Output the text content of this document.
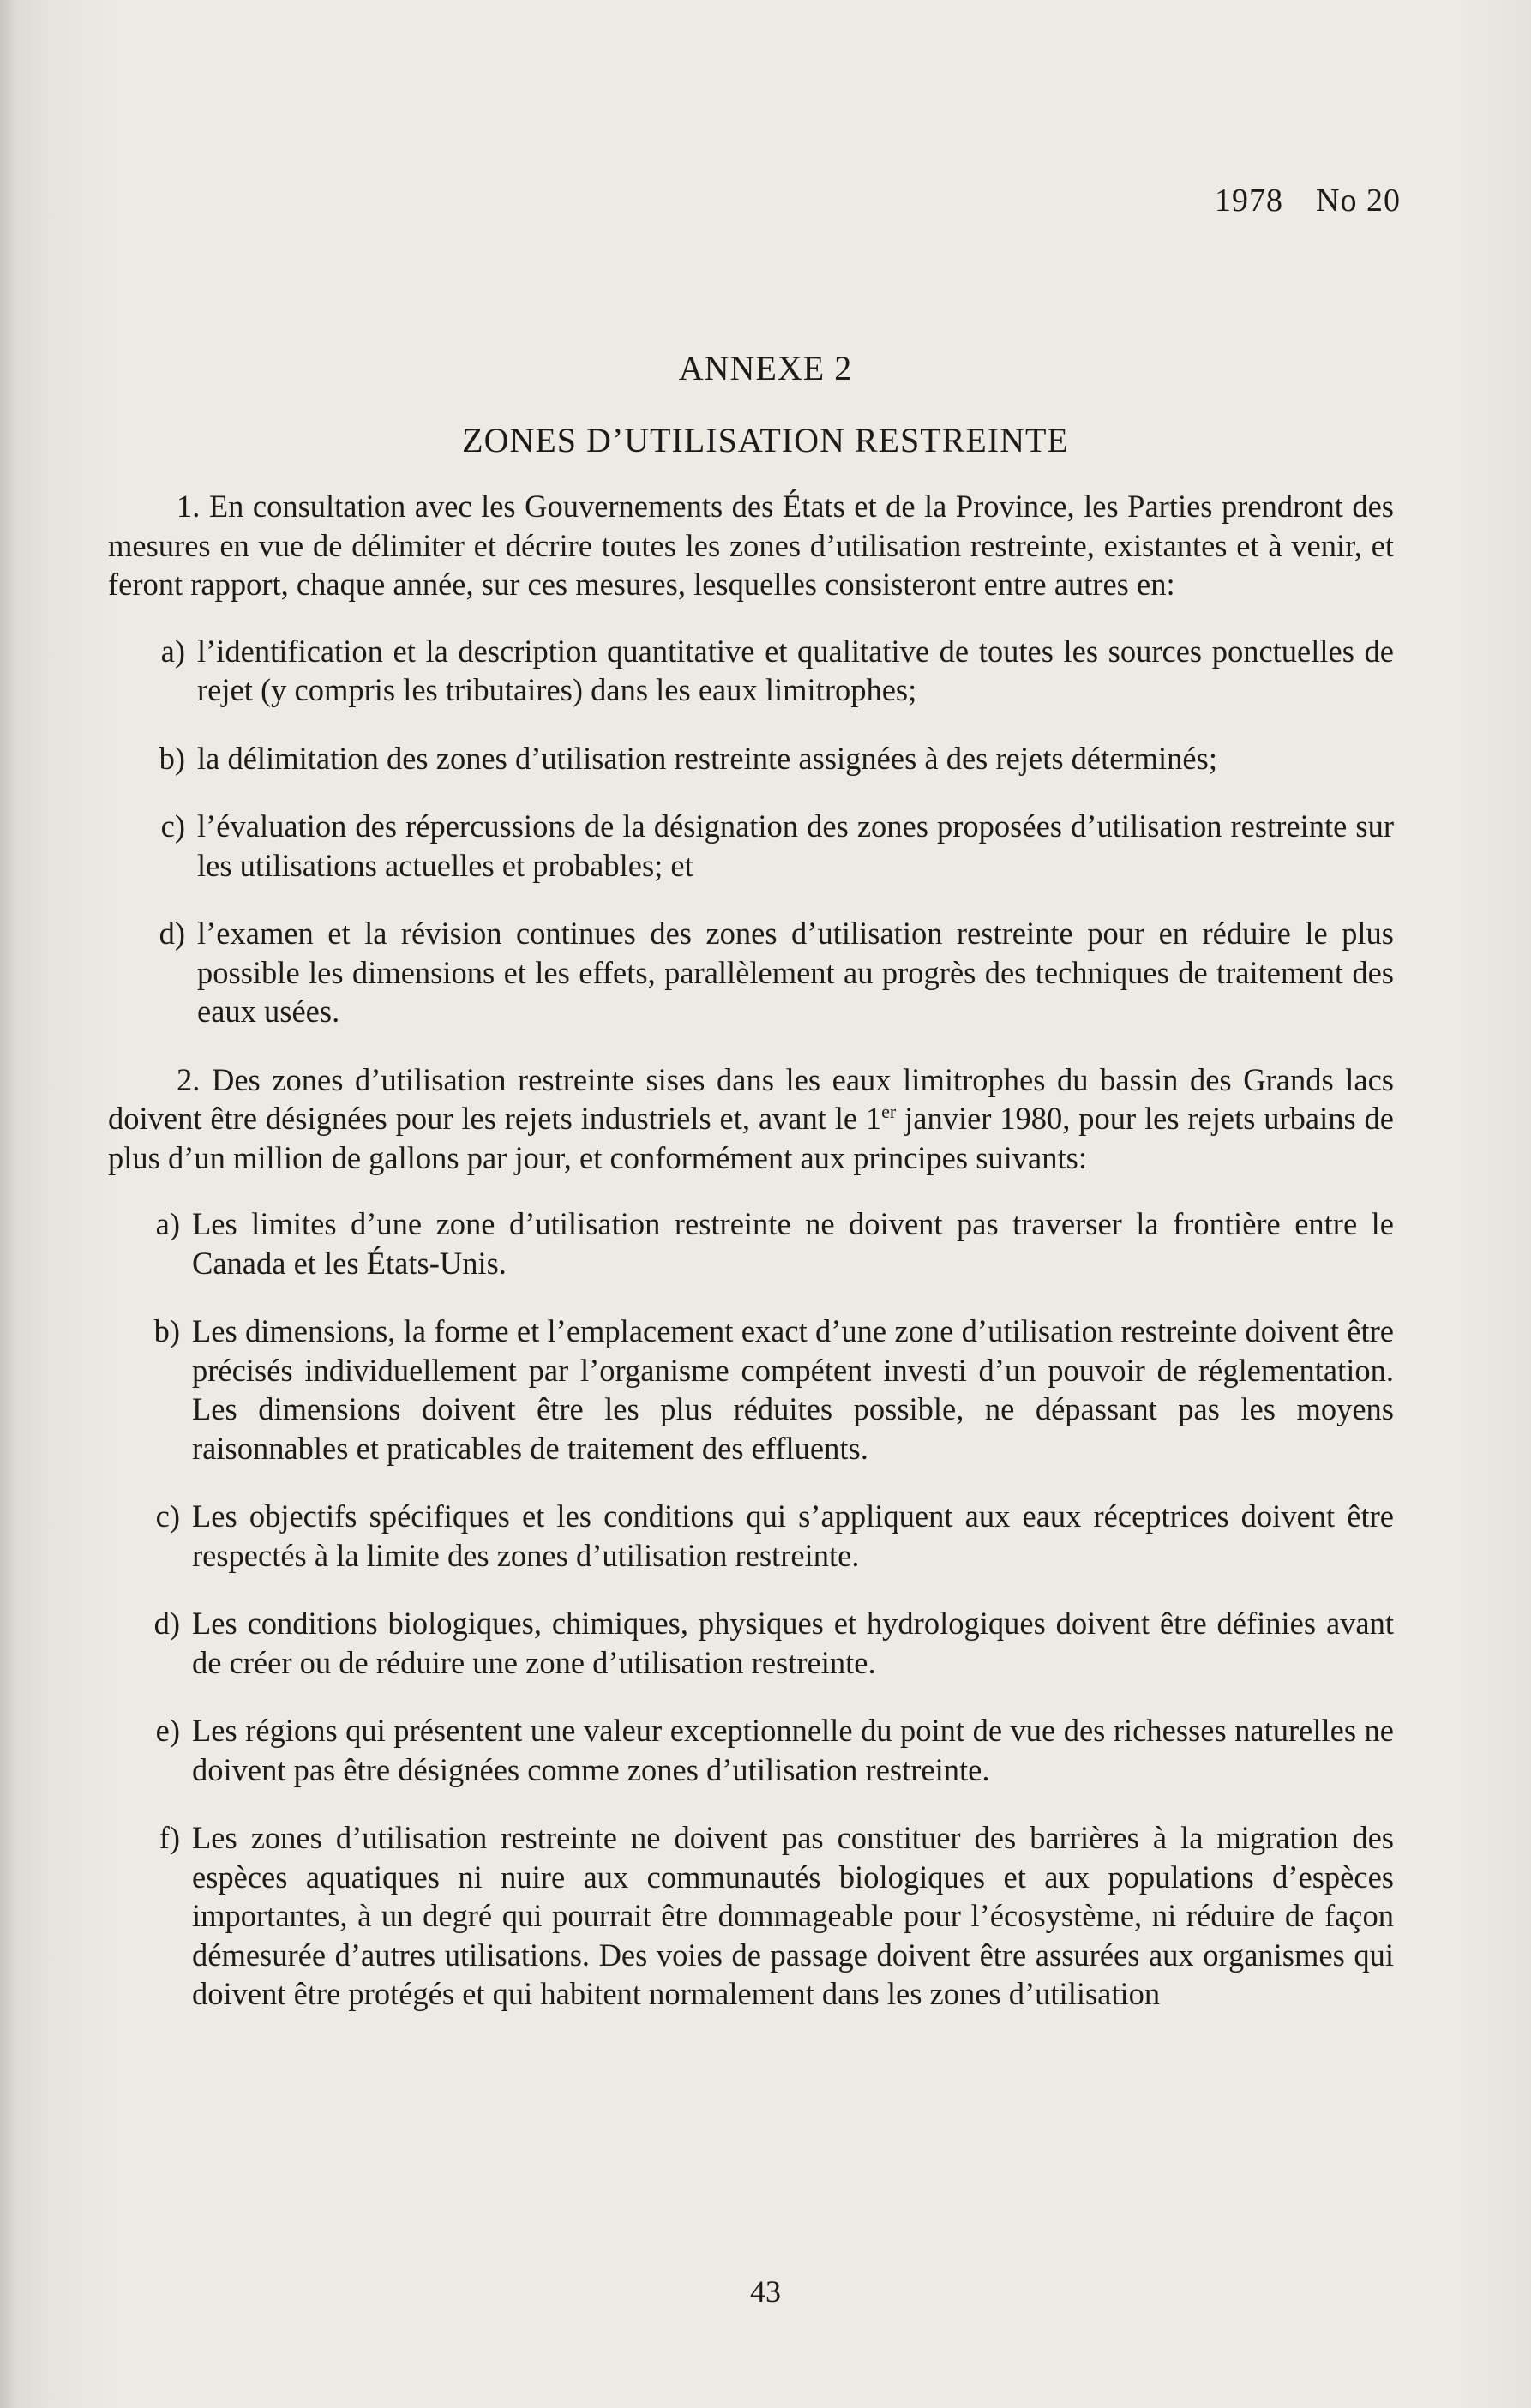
1978 No 20
ANNEXE 2
ZONES D’UTILISATION RESTREINTE

1. En consultation avec les Gouvernements des États et de la Province, les Parties prendront des mesures en vue de délimiter et décrire toutes les zones d’utilisation restreinte, existantes et à venir, et feront rapport, chaque année, sur ces mesures, lesquelles consisteront entre autres en:

a) l’identification et la description quantitative et qualitative de toutes les sources ponctuelles de rejet (y compris les tributaires) dans les eaux limitrophes;
b) la délimitation des zones d’utilisation restreinte assignées à des rejets déterminés;
c) l’évaluation des répercussions de la désignation des zones proposées d’utilisation restreinte sur les utilisations actuelles et probables; et
d) l’examen et la révision continues des zones d’utilisation restreinte pour en réduire le plus possible les dimensions et les effets, parallèlement au progrès des techniques de traitement des eaux usées.

2. Des zones d’utilisation restreinte sises dans les eaux limitrophes du bassin des Grands lacs doivent être désignées pour les rejets industriels et, avant le 1er janvier 1980, pour les rejets urbains de plus d’un million de gallons par jour, et conformément aux principes suivants:

a) Les limites d’une zone d’utilisation restreinte ne doivent pas traverser la frontière entre le Canada et les États-Unis.
b) Les dimensions, la forme et l’emplacement exact d’une zone d’utilisation restreinte doivent être précisés individuellement par l’organisme compétent investi d’un pouvoir de réglementation. Les dimensions doivent être les plus réduites possible, ne dépassant pas les moyens raisonnables et praticables de traitement des effluents.
c) Les objectifs spécifiques et les conditions qui s’appliquent aux eaux réceptrices doivent être respectés à la limite des zones d’utilisation restreinte.
d) Les conditions biologiques, chimiques, physiques et hydrologiques doivent être définies avant de créer ou de réduire une zone d’utilisation restreinte.
e) Les régions qui présentent une valeur exceptionnelle du point de vue des richesses naturelles ne doivent pas être désignées comme zones d’utilisation restreinte.
f) Les zones d’utilisation restreinte ne doivent pas constituer des barrières à la migration des espèces aquatiques ni nuire aux communautés biologiques et aux populations d’espèces importantes, à un degré qui pourrait être dommageable pour l’écosystème, ni réduire de façon démesurée d’autres utilisations. Des voies de passage doivent être assurées aux organismes qui doivent être protégés et qui habitent normalement dans les zones d’utilisation
43
